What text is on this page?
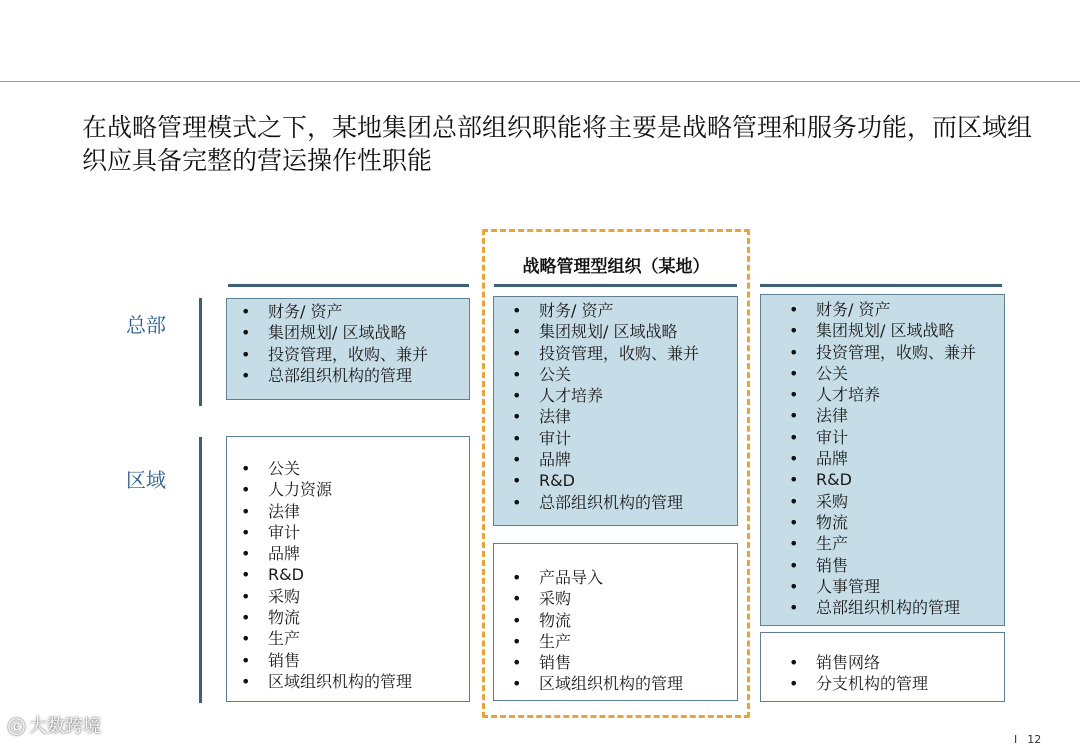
在战略管理模式之下，某地集团总部组织职能将主要是战略管理和服务功能，而区域组织应具备完整的营运操作性职能
总部
区域
战略管理型组织（某地）
• 财务/ 资产
• 集团规划/ 区域战略
• 投资管理，收购、兼并
• 总部组织机构的管理
• 公关
• 人力资源
• 法律
• 审计
• 品牌
• R&D
• 采购
• 物流
• 生产
• 销售
• 区域组织机构的管理
• 财务/ 资产
• 集团规划/ 区域战略
• 投资管理，收购、兼并
• 公关
• 人才培养
• 法律
• 审计
• 品牌
• R&D
• 总部组织机构的管理
• 产品导入
• 采购
• 物流
• 生产
• 销售
• 区域组织机构的管理
• 财务/ 资产
• 集团规划/ 区域战略
• 投资管理，收购、兼并
• 公关
• 人才培养
• 法律
• 审计
• 品牌
• R&D
• 采购
• 物流
• 生产
• 销售
• 人事管理
• 总部组织机构的管理
• 销售网络
• 分支机构的管理
ⓒ 大数跨境
I 12
